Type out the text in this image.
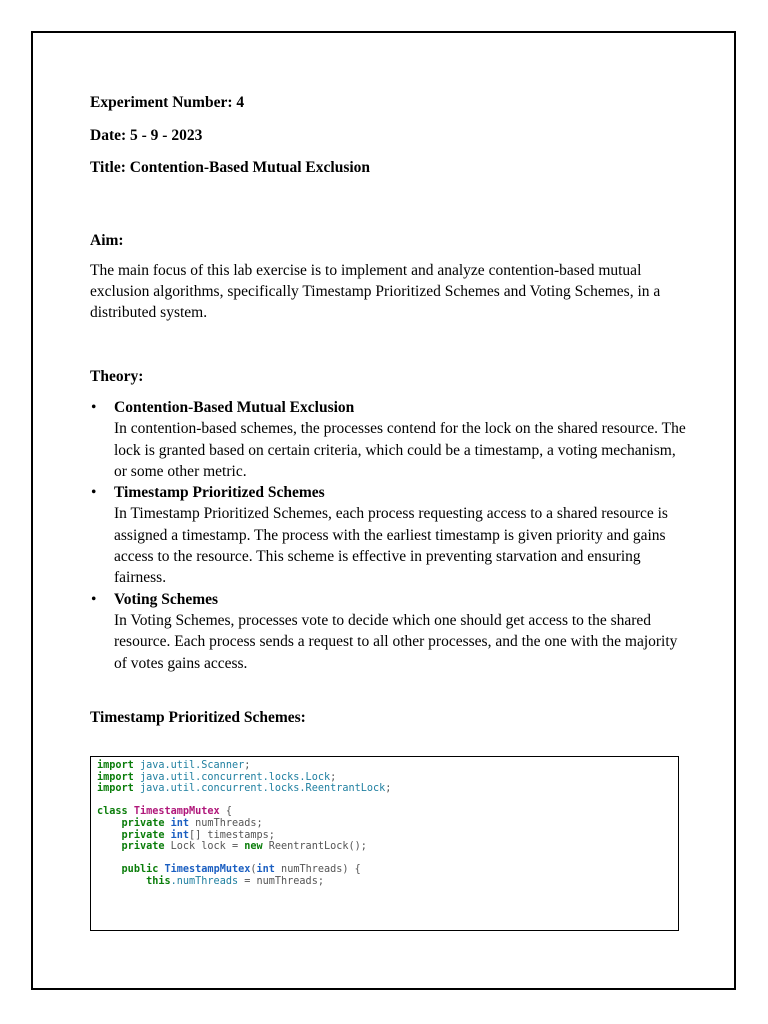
Experiment Number: 4
Date: 5 - 9 - 2023
Title: Contention-Based Mutual Exclusion
Aim:

The main focus of this lab exercise is to implement and analyze contention-based mutual exclusion algorithms, specifically Timestamp Prioritized Schemes and Voting Schemes, in a distributed system.

Theory:
• Contention-Based Mutual Exclusion
In contention-based schemes, the processes contend for the lock on the shared resource. The lock is granted based on certain criteria, which could be a timestamp, a voting mechanism, or some other metric.
• Timestamp Prioritized Schemes
In Timestamp Prioritized Schemes, each process requesting access to a shared resource is assigned a timestamp. The process with the earliest timestamp is given priority and gains access to the resource. This scheme is effective in preventing starvation and ensuring fairness.
• Voting Schemes
In Voting Schemes, processes vote to decide which one should get access to the shared resource. Each process sends a request to all other processes, and the one with the majority of votes gains access.
Timestamp Prioritized Schemes:
import java.util.Scanner;
import java.util.concurrent.locks.Lock;
import java.util.concurrent.locks.ReentrantLock;

class TimestampMutex {
private int numThreads;
private int[] timestamps;
private Lock lock = new ReentrantLock();

public TimestampMutex(int numThreads) {
this.numThreads = numThreads;
